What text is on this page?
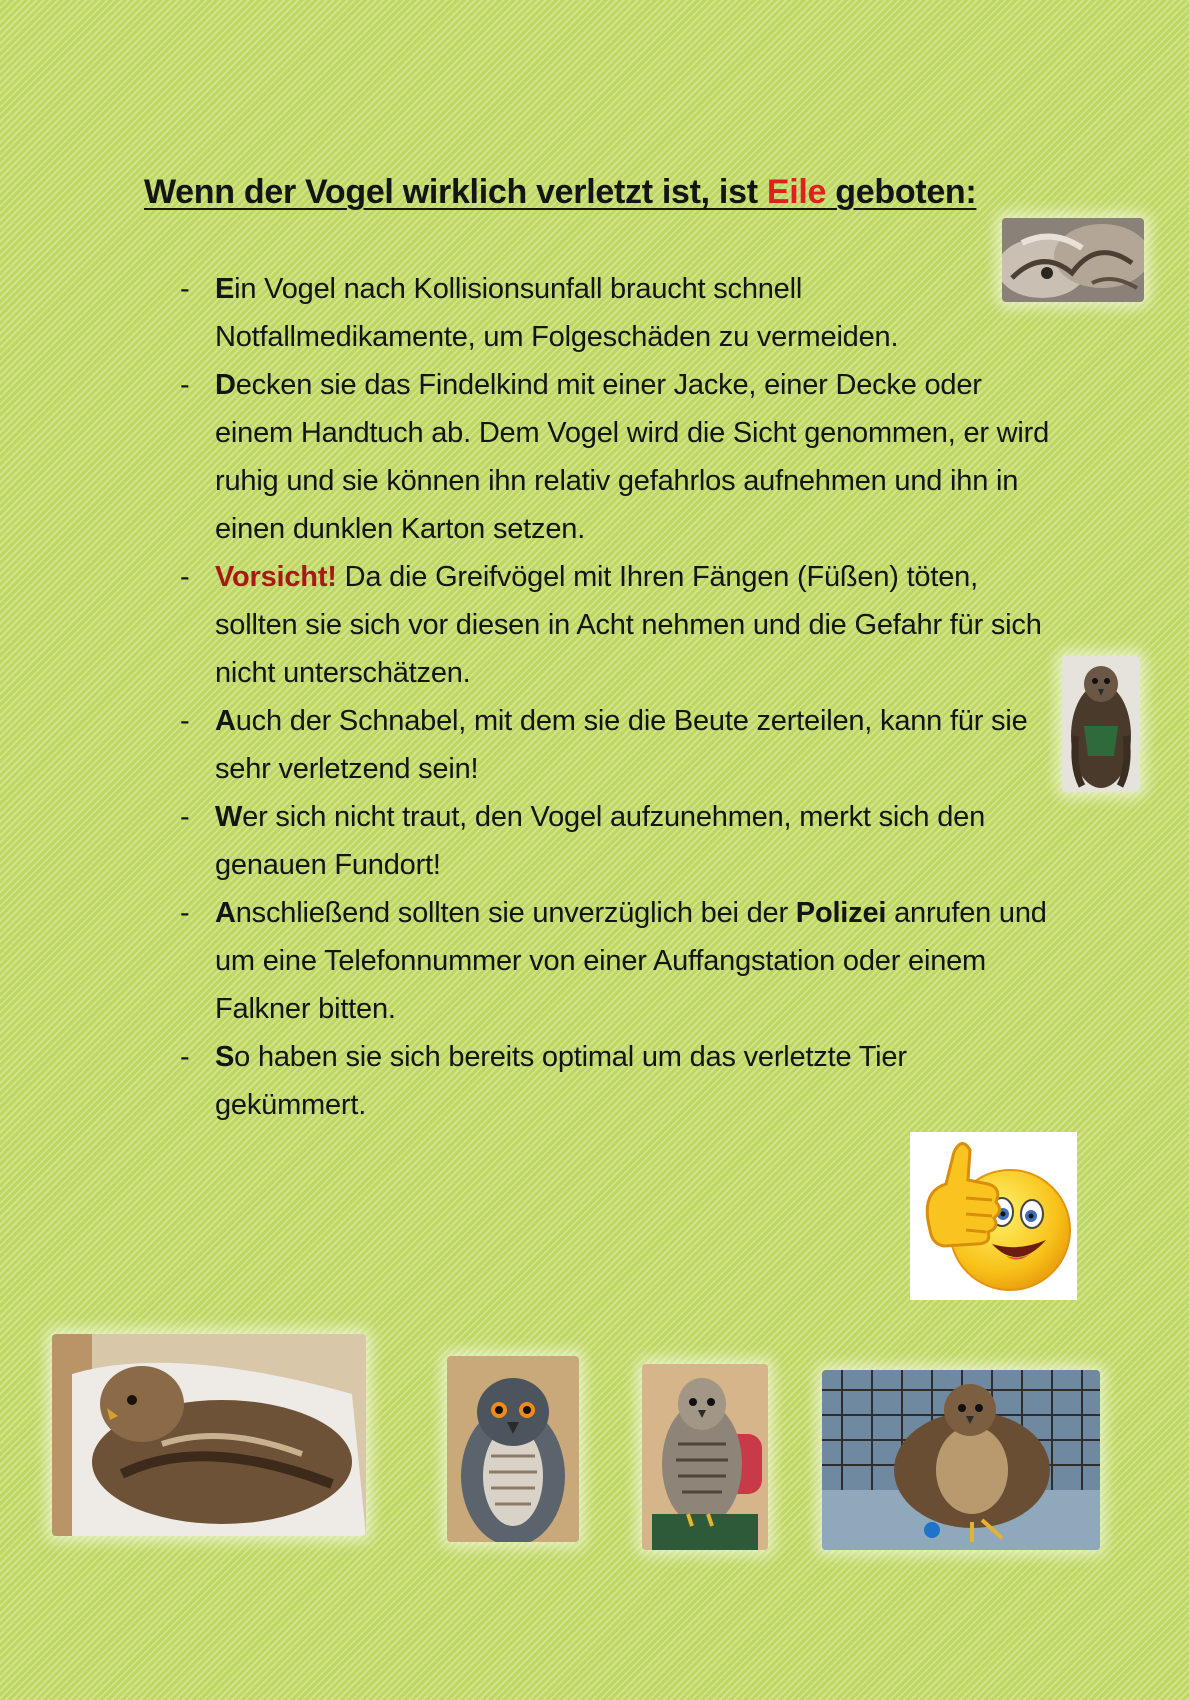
Wenn der Vogel wirklich verletzt ist, ist Eile geboten:
- Ein Vogel nach Kollisionsunfall braucht schnell Notfallmedikamente, um Folgeschäden zu vermeiden.
- Decken sie das Findelkind mit einer Jacke, einer Decke oder einem Handtuch ab. Dem Vogel wird die Sicht genommen, er wird ruhig und sie können ihn relativ gefahrlos aufnehmen und ihn in einen dunklen Karton setzen.
- Vorsicht! Da die Greifvögel mit Ihren Fängen (Füßen) töten, sollten sie sich vor diesen in Acht nehmen und die Gefahr für sich nicht unterschätzen.
- Auch der Schnabel, mit dem sie die Beute zerteilen, kann für sie sehr verletzend sein!
- Wer sich nicht traut, den Vogel aufzunehmen, merkt sich den genauen Fundort!
- Anschließend sollten sie unverzüglich bei der Polizei anrufen und um eine Telefonnummer von einer Auffangstation oder einem Falkner bitten.
- So haben sie sich bereits optimal um das verletzte Tier gekümmert.
